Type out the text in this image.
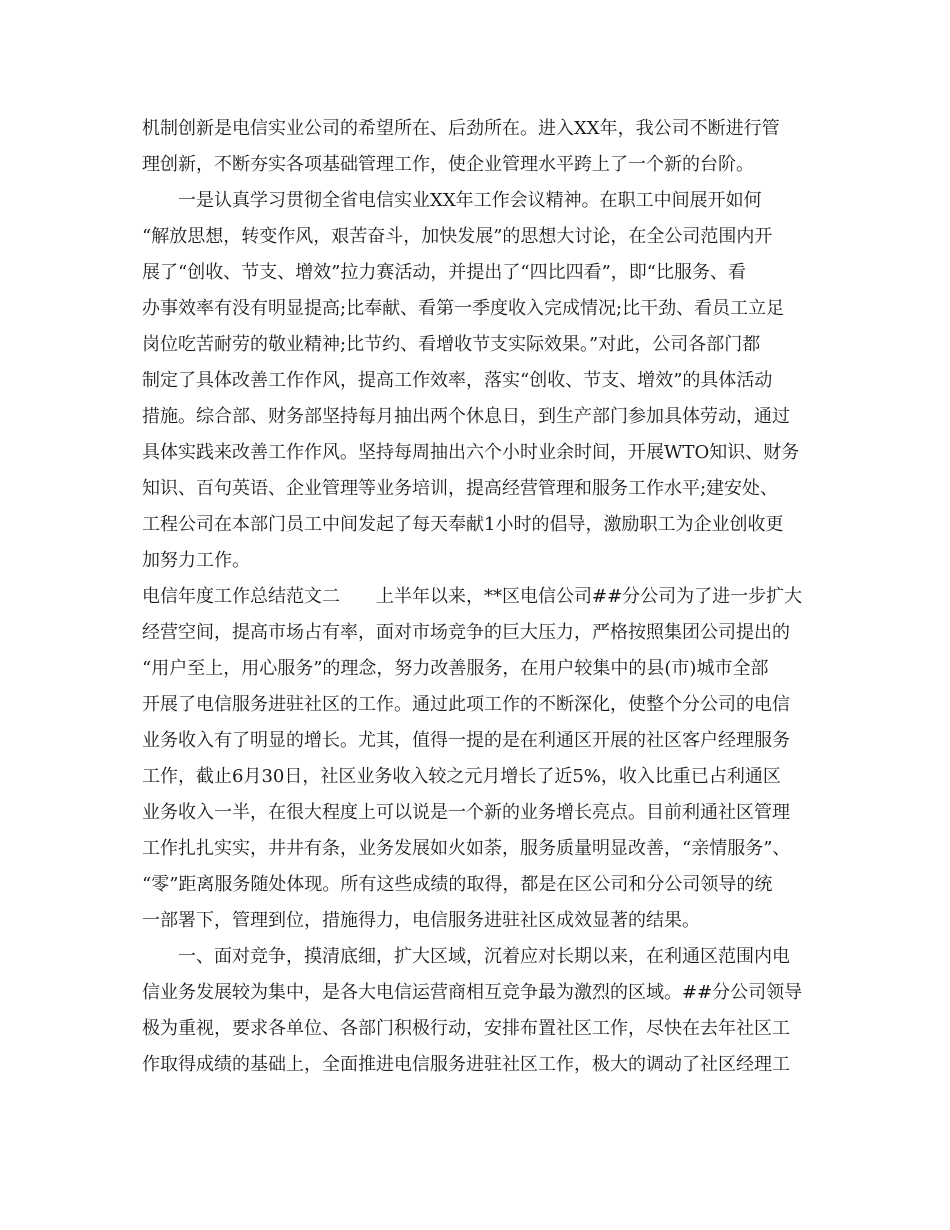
机制创新是电信实业公司的希望所在、后劲所在。进入XX年，我公司不断进行管
理创新，不断夯实各项基础管理工作，使企业管理水平跨上了一个新的台阶。
一是认真学习贯彻全省电信实业XX年工作会议精神。在职工中间展开如何
“解放思想，转变作风，艰苦奋斗，加快发展”的思想大讨论，在全公司范围内开
展了“创收、节支、增效”拉力赛活动，并提出了“四比四看”，即“比服务、看
办事效率有没有明显提高;比奉献、看第一季度收入完成情况;比干劲、看员工立足
岗位吃苦耐劳的敬业精神;比节约、看增收节支实际效果。”对此，公司各部门都
制定了具体改善工作作风，提高工作效率，落实“创收、节支、增效”的具体活动
措施。综合部、财务部坚持每月抽出两个休息日，到生产部门参加具体劳动，通过
具体实践来改善工作作风。坚持每周抽出六个小时业余时间，开展WTO知识、财务
知识、百句英语、企业管理等业务培训，提高经营管理和服务工作水平;建安处、
工程公司在本部门员工中间发起了每天奉献1小时的倡导，激励职工为企业创收更
加努力工作。
电信年度工作总结范文二　　上半年以来，**区电信公司##分公司为了进一步扩大
经营空间，提高市场占有率，面对市场竞争的巨大压力，严格按照集团公司提出的
“用户至上，用心服务”的理念，努力改善服务，在用户较集中的县(市)城市全部
开展了电信服务进驻社区的工作。通过此项工作的不断深化，使整个分公司的电信
业务收入有了明显的增长。尤其，值得一提的是在利通区开展的社区客户经理服务
工作，截止6月30日，社区业务收入较之元月增长了近5%，收入比重已占利通区
业务收入一半，在很大程度上可以说是一个新的业务增长亮点。目前利通社区管理
工作扎扎实实，井井有条，业务发展如火如荼，服务质量明显改善，“亲情服务”、
“零”距离服务随处体现。所有这些成绩的取得，都是在区公司和分公司领导的统
一部署下，管理到位，措施得力，电信服务进驻社区成效显著的结果。
一、面对竞争，摸清底细，扩大区域，沉着应对长期以来，在利通区范围内电
信业务发展较为集中，是各大电信运营商相互竞争最为激烈的区域。##分公司领导
极为重视，要求各单位、各部门积极行动，安排布置社区工作，尽快在去年社区工
作取得成绩的基础上，全面推进电信服务进驻社区工作，极大的调动了社区经理工
